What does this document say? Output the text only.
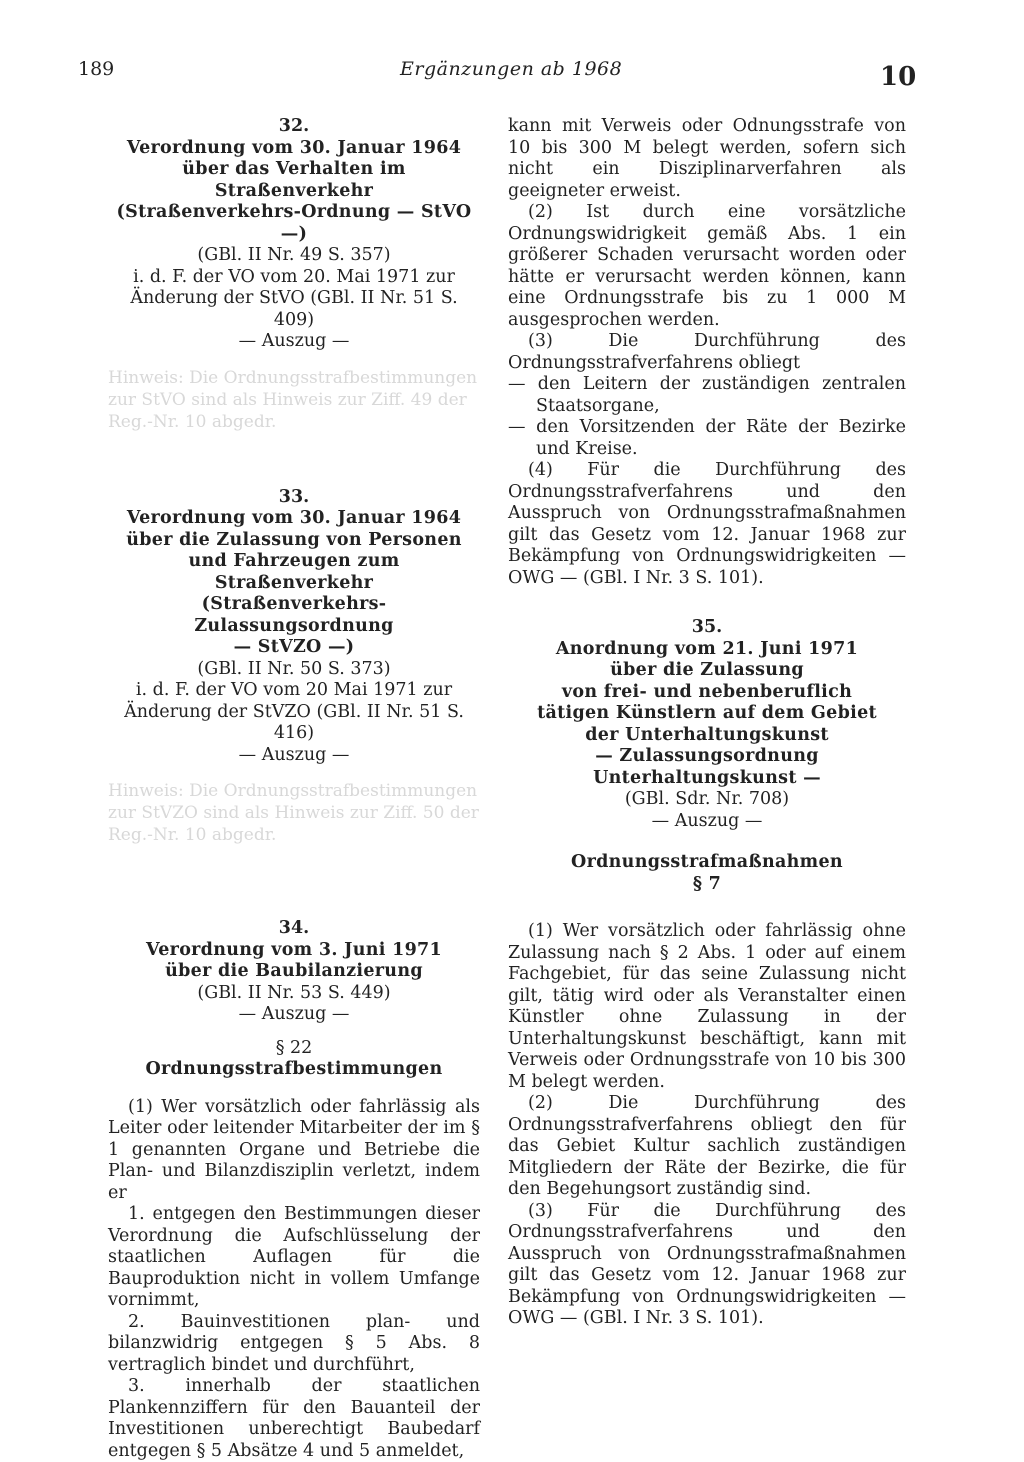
189	Ergänzungen ab 1968	10

32.

Verordnung vom 30. Januar 1964

über das Verhalten im Straßenverkehr

(Straßenverkehrs-Ordnung — StVO —)

(GBl. II Nr. 49 S. 357)

i. d. F. der VO vom 20. Mai 1971 zur

Änderung der StVO (GBl. II Nr. 51 S. 409)

— Auszug —

Hinweis: Die Ordnungsstrafbestimmungen zur StVO sind als Hinweis zur Ziff. 49 der Reg.-Nr. 10 abgedr.

33.

Verordnung vom 30. Januar 1964

über die Zulassung von Personen

und Fahrzeugen zum Straßenverkehr

(Straßenverkehrs-Zulassungsordnung

— StVZO —)

(GBl. II Nr. 50 S. 373)

i. d. F. der VO vom 20 Mai 1971 zur

Änderung der StVZO (GBl. II Nr. 51 S. 416)

— Auszug —

Hinweis: Die Ordnungsstrafbestimmungen zur StVZO sind als Hinweis zur Ziff. 50 der Reg.-Nr. 10 abgedr.

34.

Verordnung vom 3. Juni 1971

über die Baubilanzierung

(GBl. II Nr. 53 S. 449)

— Auszug —

§ 22

Ordnungsstrafbestimmungen

(1) Wer vorsätzlich oder fahrlässig als Leiter oder leitender Mitarbeiter der im § 1 genannten Organe und Betriebe die Plan- und Bilanzdisziplin verletzt, indem er

1. entgegen den Bestimmungen dieser Verordnung die Aufschlüsselung der staatlichen Auflagen für die Bauproduktion nicht in vollem Umfange vornimmt,

2. Bauinvestitionen plan- und bilanzwidrig entgegen § 5 Abs. 8 vertraglich bindet und durchführt,

3. innerhalb der staatlichen Plankennziffern für den Bauanteil der Investitionen unberechtigt Baubedarf entgegen § 5 Absätze 4 und 5 anmeldet,

kann mit Verweis oder Odnungsstrafe von 10 bis 300 M belegt werden, sofern sich nicht ein Disziplinarverfahren als geeigneter erweist.

(2) Ist durch eine vorsätzliche Ordnungswidrigkeit gemäß Abs. 1 ein größerer Schaden verursacht worden oder hätte er verursacht werden können, kann eine Ordnungsstrafe bis zu 1 000 M ausgesprochen werden.

(3) Die Durchführung des Ordnungsstrafverfahrens obliegt

— den Leitern der zuständigen zentralen Staatsorgane,

— den Vorsitzenden der Räte der Bezirke und Kreise.

(4) Für die Durchführung des Ordnungsstrafverfahrens und den Ausspruch von Ordnungsstrafmaßnahmen gilt das Gesetz vom 12. Januar 1968 zur Bekämpfung von Ordnungswidrigkeiten — OWG — (GBl. I Nr. 3 S. 101).

35.

Anordnung vom 21. Juni 1971

über die Zulassung

von frei- und nebenberuflich

tätigen Künstlern auf dem Gebiet

der Unterhaltungskunst

— Zulassungsordnung Unterhaltungskunst —

(GBl. Sdr. Nr. 708)

— Auszug —

Ordnungsstrafmaßnahmen

§ 7

(1) Wer vorsätzlich oder fahrlässig ohne Zulassung nach § 2 Abs. 1 oder auf einem Fachgebiet, für das seine Zulassung nicht gilt, tätig wird oder als Veranstalter einen Künstler ohne Zulassung in der Unterhaltungskunst beschäftigt, kann mit Verweis oder Ordnungsstrafe von 10 bis 300 M belegt werden.

(2) Die Durchführung des Ordnungsstrafverfahrens obliegt den für das Gebiet Kultur sachlich zuständigen Mitgliedern der Räte der Bezirke, die für den Begehungsort zuständig sind.

(3) Für die Durchführung des Ordnungsstrafverfahrens und den Ausspruch von Ordnungsstrafmaßnahmen gilt das Gesetz vom 12. Januar 1968 zur Bekämpfung von Ordnungswidrigkeiten — OWG — (GBl. I Nr. 3 S. 101).
